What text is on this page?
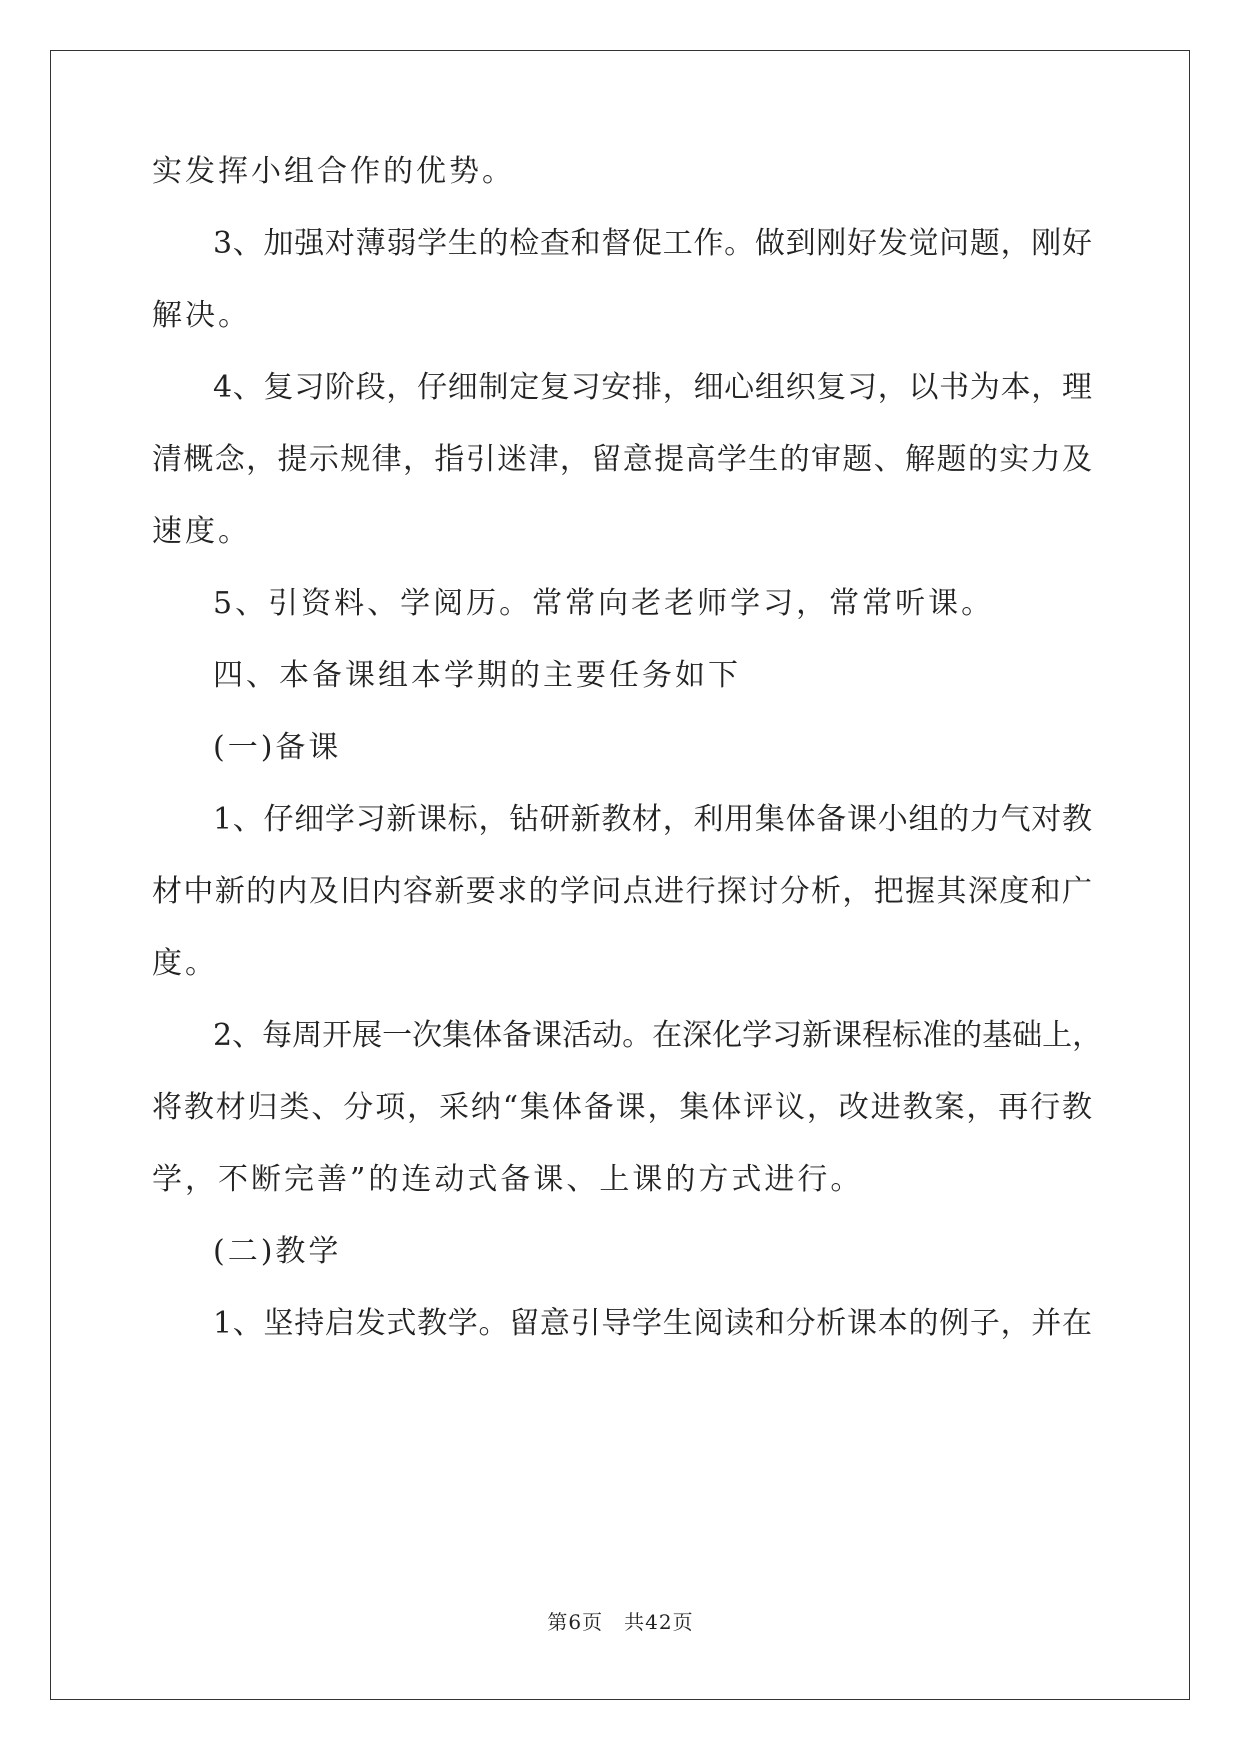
实发挥小组合作的优势。
3、加强对薄弱学生的检查和督促工作。做到刚好发觉问题，刚好
解决。
4、复习阶段，仔细制定复习安排，细心组织复习，以书为本，理
清概念，提示规律，指引迷津，留意提高学生的审题、解题的实力及
速度。
5、引资料、学阅历。常常向老老师学习，常常听课。
四、本备课组本学期的主要任务如下
(一)备课
1、仔细学习新课标，钻研新教材，利用集体备课小组的力气对教
材中新的内及旧内容新要求的学问点进行探讨分析，把握其深度和广
度。
2、每周开展一次集体备课活动。在深化学习新课程标准的基础上，
将教材归类、分项，采纳“集体备课，集体评议，改进教案，再行教
学，不断完善”的连动式备课、上课的方式进行。
(二)教学
1、坚持启发式教学。留意引导学生阅读和分析课本的例子，并在
第6页　共42页
